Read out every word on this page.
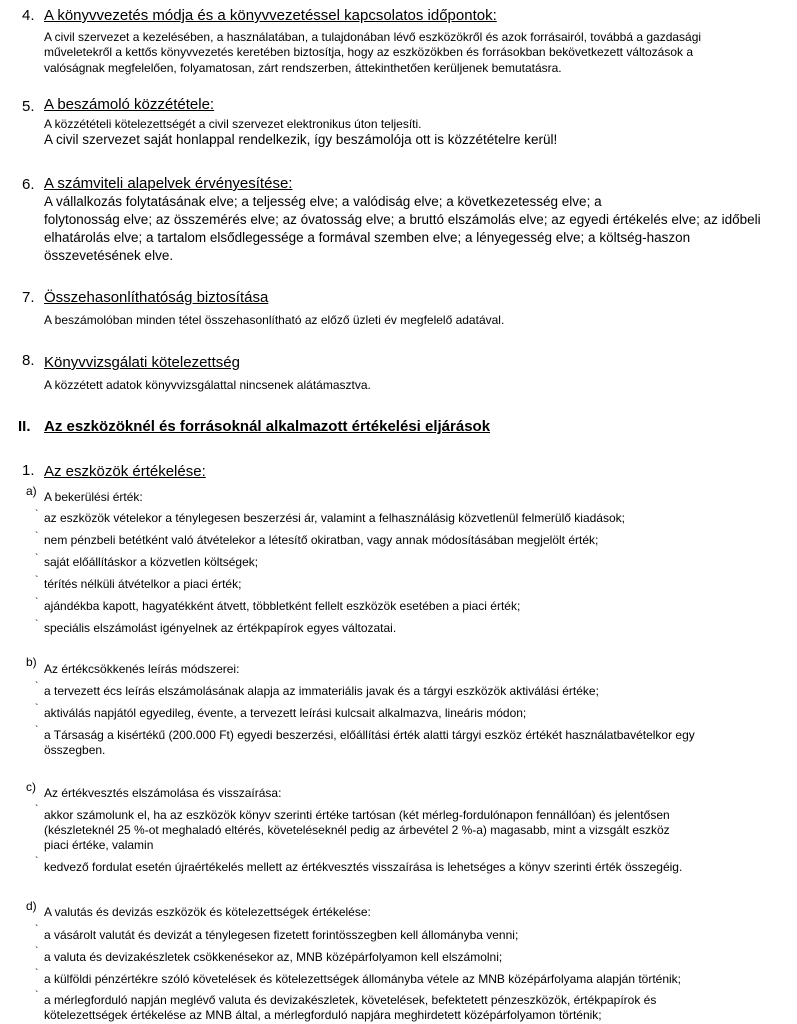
4. A könyvvezetés módja és a könyvvezetéssel kapcsolatos időpontok:
A civil szervezet a kezelésében, a használatában, a tulajdonában lévő eszközökről és azok forrásairól, továbbá a gazdasági
műveletekről a kettős könyvvezetés keretében biztosítja, hogy az eszközökben és forrásokban bekövetkezett változások a
valóságnak megfelelően, folyamatosan, zárt rendszerben, áttekinthetően kerüljenek bemutatásra.
5. A beszámoló közzététele:
A közzétételi kötelezettségét a civil szervezet elektronikus úton teljesíti.
A civil szervezet saját honlappal rendelkezik, így beszámolója ott is közzétételre kerül!
6. A számviteli alapelvek érvényesítése:
A vállalkozás folytatásának elve; a teljesség elve; a valódiság elve; a következetesség elve; a
folytonosság elve; az összemérés elve; az óvatosság elve; a bruttó elszámolás elve; az egyedi értékelés elve; az időbeli
elhatárolás elve; a tartalom elsődlegessége a formával szemben elve; a lényegesség elve; a költség-haszon
összevetésének elve.
7. Összehasonlíthatóság biztosítása
A beszámolóban minden tétel összehasonlítható az előző üzleti év megfelelő adatával.
8. Könyvvizsgálati kötelezettség
A közzétett adatok könyvvizsgálattal nincsenek alátámasztva.
II. Az eszközöknél és forrásoknál alkalmazott értékelési eljárások
1. Az eszközök értékelése:
a) A bekerülési érték:
` az eszközök vételekor a ténylegesen beszerzési ár, valamint a felhasználásig közvetlenül felmerülő kiadások;
` nem pénzbeli betétként való átvételekor a létesítő okiratban, vagy annak módosításában megjelölt érték;
` saját előállításkor a közvetlen költségek;
` térítés nélküli átvételkor a piaci érték;
` ajándékba kapott, hagyatékként átvett, többletként fellelt eszközök esetében a piaci érték;
` speciális elszámolást igényelnek az értékpapírok egyes változatai.
b) Az értékcsökkenés leírás módszerei:
` a tervezett écs leírás elszámolásának alapja az immateriális javak és a tárgyi eszközök aktiválási értéke;
` aktiválás napjától egyedileg, évente, a tervezett leírási kulcsait alkalmazva, lineáris módon;
` a Társaság a kisértékű (200.000 Ft) egyedi beszerzési, előállítási érték alatti tárgyi eszköz értékét használatbavételkor egy
összegben.
c) Az értékvesztés elszámolása és visszaírása:
` akkor számolunk el, ha az eszközök könyv szerinti értéke tartósan (két mérleg-fordulónapon fennállóan) és jelentősen
(készleteknél 25 %-ot meghaladó eltérés, követeléseknél pedig az árbevétel 2 %-a) magasabb, mint a vizsgált eszköz
piaci értéke, valamin
` kedvező fordulat esetén újraértékelés mellett az értékvesztés visszaírása is lehetséges a könyv szerinti érték összegéig.
d) A valutás és devizás eszközök és kötelezettségek értékelése:
` a vásárolt valutát és devizát a ténylegesen fizetett forintösszegben kell állományba venni;
` a valuta és devizakészletek csökkenésekor az, MNB középárfolyamon kell elszámolni;
` a külföldi pénzértékre szóló követelések és kötelezettségek állományba vétele az MNB középárfolyama alapján történik;
` a mérlegforduló napján meglévő valuta és devizakészletek, követelések, befektetett pénzeszközök, értékpapírok és
kötelezettségek értékelése az MNB által, a mérlegforduló napjára meghirdetett középárfolyamon történik;
